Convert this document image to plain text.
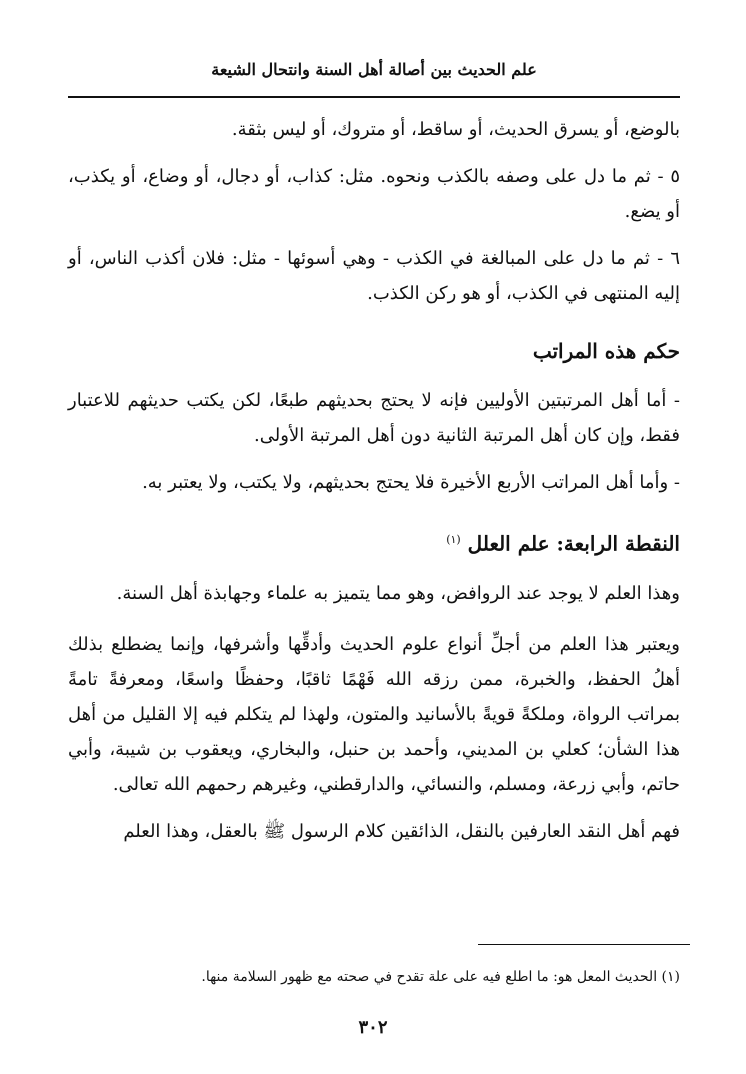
علم الحديث بين أصالة أهل السنة وانتحال الشيعة

بالوضع، أو يسرق الحديث، أو ساقط، أو متروك، أو ليس بثقة.

٥ - ثم ما دل على وصفه بالكذب ونحوه. مثل: كذاب، أو دجال، أو وضاع، أو يكذب، أو يضع.

٦ - ثم ما دل على المبالغة في الكذب - وهي أسوئها - مثل: فلان أكذب الناس، أو إليه المنتهى في الكذب، أو هو ركن الكذب.

حكم هذه المراتب

- أما أهل المرتبتين الأوليين فإنه لا يحتج بحديثهم طبعًا، لكن يكتب حديثهم للاعتبار فقط، وإن كان أهل المرتبة الثانية دون أهل المرتبة الأولى.

- وأما أهل المراتب الأربع الأخيرة فلا يحتج بحديثهم، ولا يكتب، ولا يعتبر به.

النقطة الرابعة: علم العلل $^{(١)}$

وهذا العلم لا يوجد عند الروافض، وهو مما يتميز به علماء وجهابذة أهل السنة.

ويعتبر هذا العلم من أجلِّ أنواع علوم الحديث وأدقِّها وأشرفها، وإنما يضطلع بذلك أهلُ الحفظ، والخبرة، ممن رزقه الله فَهْمًا ثاقبًا، وحفظًا واسعًا، ومعرفةً تامةً بمراتب الرواة، وملكةً قويةً بالأسانيد والمتون، ولهذا لم يتكلم فيه إلا القليل من أهل هذا الشأن؛ كعلي بن المديني، وأحمد بن حنبل، والبخاري، ويعقوب بن شيبة، وأبي حاتم، وأبي زرعة، ومسلم، والنسائي، والدارقطني، وغيرهم رحمهم الله تعالى.

فهم أهل النقد العارفين بالنقل، الذائقين كلام الرسول ﷺ بالعقل، وهذا العلم

(١) الحديث المعل هو: ما اطلع فيه على علة تقدح في صحته مع ظهور السلامة منها.

٣٠٢
